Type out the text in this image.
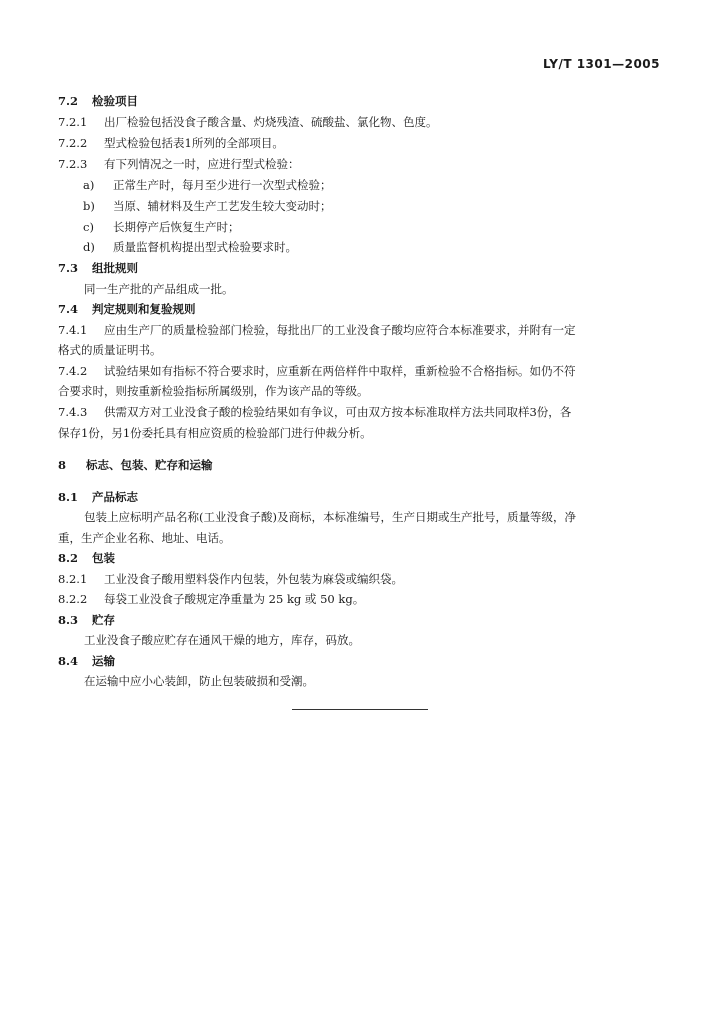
LY/T 1301—2005
7.2 检验项目
7.2.1 出厂检验包括没食子酸含量、灼烧残渣、硫酸盐、氯化物、色度。
7.2.2 型式检验包括表1所列的全部项目。
7.2.3 有下列情况之一时，应进行型式检验：
a) 正常生产时，每月至少进行一次型式检验；
b) 当原、辅材料及生产工艺发生较大变动时；
c) 长期停产后恢复生产时；
d) 质量监督机构提出型式检验要求时。
7.3 组批规则
同一生产批的产品组成一批。
7.4 判定规则和复验规则
7.4.1 应由生产厂的质量检验部门检验，每批出厂的工业没食子酸均应符合本标准要求，并附有一定
格式的质量证明书。
7.4.2 试验结果如有指标不符合要求时，应重新在两倍样件中取样，重新检验不合格指标。如仍不符
合要求时，则按重新检验指标所属级别，作为该产品的等级。
7.4.3 供需双方对工业没食子酸的检验结果如有争议，可由双方按本标准取样方法共同取样3份，各
保存1份，另1份委托具有相应资质的检验部门进行仲裁分析。
8 标志、包装、贮存和运输
8.1 产品标志
包装上应标明产品名称(工业没食子酸)及商标，本标准编号，生产日期或生产批号，质量等级，净
重，生产企业名称、地址、电话。
8.2 包装
8.2.1 工业没食子酸用塑料袋作内包装，外包装为麻袋或编织袋。
8.2.2 每袋工业没食子酸规定净重量为 25 kg 或 50 kg。
8.3 贮存
工业没食子酸应贮存在通风干燥的地方，库存，码放。
8.4 运输
在运输中应小心装卸，防止包装破损和受潮。
